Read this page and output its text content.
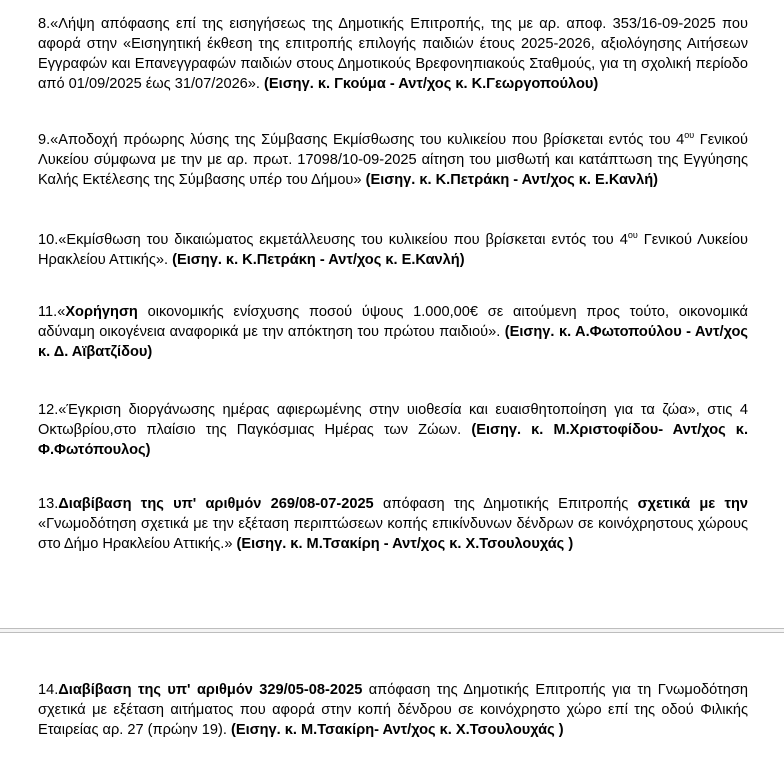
8.«Λήψη απόφασης επί της εισηγήσεως της Δημοτικής Επιτροπής, της με αρ. αποφ. 353/16-09-2025 που αφορά στην «Εισηγητική έκθεση της επιτροπής επιλογής παιδιών έτους 2025-2026, αξιολόγησης Αιτήσεων Εγγραφών και Επανεγγραφών παιδιών στους Δημοτικούς Βρεφονηπιακούς Σταθμούς, για τη σχολική περίοδο από 01/09/2025 έως 31/07/2026». (Εισηγ. κ. Γκούμα - Αντ/χος κ. Κ.Γεωργοπούλου)

9.«Αποδοχή πρόωρης λύσης της Σύμβασης Εκμίσθωσης του κυλικείου που βρίσκεται εντός του $4^{o\upsilon}$ Γενικού Λυκείου σύμφωνα με την με αρ. πρωτ. 17098/10-09-2025 αίτηση του μισθωτή και κατάπτωση της Εγγύησης Καλής Εκτέλεσης της Σύμβασης υπέρ του Δήμου» (Εισηγ. κ. Κ.Πετράκη - Αντ/χος κ. Ε.Κανλή)

10.«Εκμίσθωση του δικαιώματος εκμετάλλευσης του κυλικείου που βρίσκεται εντός του $4^{o\upsilon}$ Γενικού Λυκείου Ηρακλείου Αττικής». (Εισηγ. κ. Κ.Πετράκη - Αντ/χος κ. Ε.Κανλή)

11.«Χορήγηση οικονομικής ενίσχυσης ποσού ύψους 1.000,00€ σε αιτούμενη προς τούτο, οικονομικά αδύναμη οικογένεια αναφορικά με την απόκτηση του πρώτου παιδιού». (Εισηγ. κ. Α.Φωτοπούλου - Αντ/χος κ. Δ. Αϊβατζίδου)

12.«Έγκριση διοργάνωσης ημέρας αφιερωμένης στην υιοθεσία και ευαισθητοποίηση για τα ζώα», στις 4 Οκτωβρίου,στο πλαίσιο της Παγκόσμιας Ημέρας των Ζώων. (Εισηγ. κ. Μ.Χριστοφίδου- Αντ/χος κ. Φ.Φωτόπουλος)

13.Διαβίβαση της υπ' αριθμόν 269/08-07-2025 απόφαση της Δημοτικής Επιτροπής σχετικά με την «Γνωμοδότηση σχετικά με την εξέταση περιπτώσεων κοπής επικίνδυνων δένδρων σε κοινόχρηστους χώρους στο Δήμο Ηρακλείου Αττικής.» (Εισηγ. κ. Μ.Τσακίρη - Αντ/χος κ. Χ.Τσουλουχάς )

14.Διαβίβαση της υπ' αριθμόν 329/05-08-2025 απόφαση της Δημοτικής Επιτροπής για τη Γνωμοδότηση σχετικά με εξέταση αιτήματος που αφορά στην κοπή δένδρου σε κοινόχρηστο χώρο επί της οδού Φιλικής Εταιρείας αρ. 27 (πρώην 19). (Εισηγ. κ. Μ.Τσακίρη- Αντ/χος κ. Χ.Τσουλουχάς )
